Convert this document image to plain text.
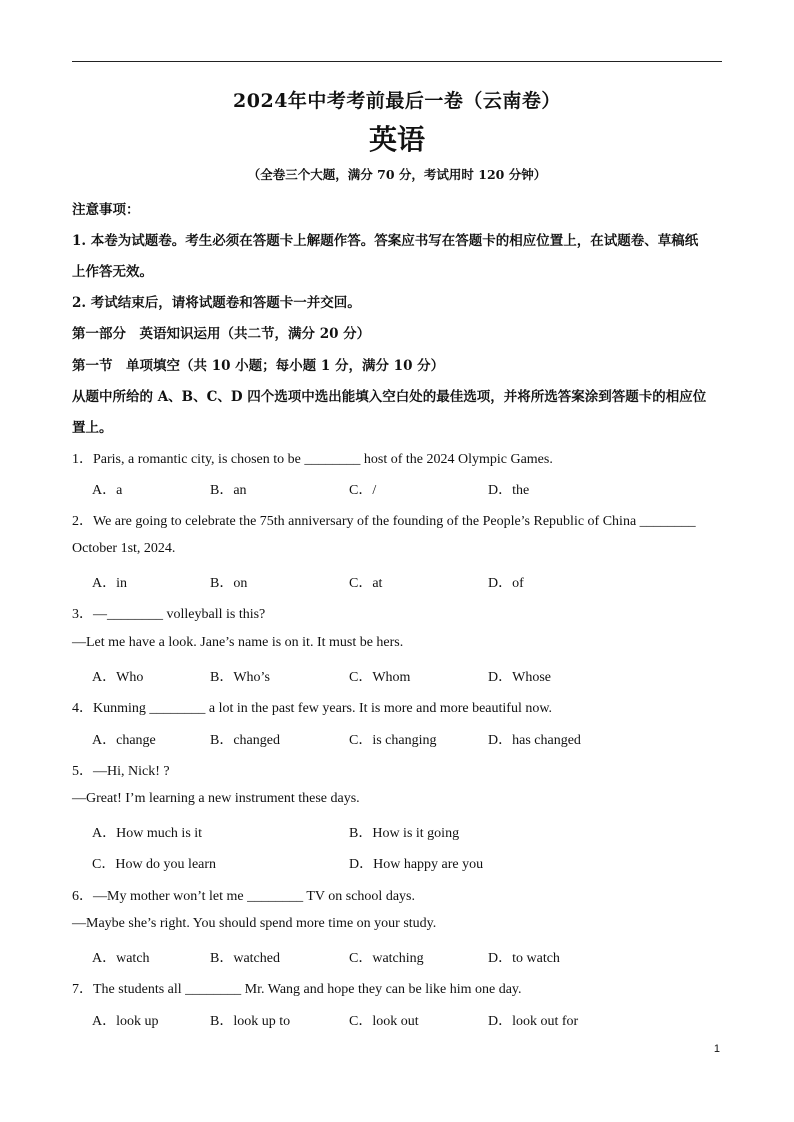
2024年中考考前最后一卷（云南卷）
英语
（全卷三个大题，满分 70 分，考试用时 120 分钟）
注意事项：
1. 本卷为试题卷。考生必须在答题卡上解题作答。答案应书写在答题卡的相应位置上，在试题卷、草稿纸
上作答无效。
2. 考试结束后，请将试题卷和答题卡一并交回。
第一部分　英语知识运用（共二节，满分 20 分）
第一节　单项填空（共 10 小题；每小题 1 分，满分 10 分）
从题中所给的 A、B、C、D 四个选项中选出能填入空白处的最佳选项，并将所选答案涂到答题卡的相应位
置上。
1．Paris, a romantic city, is chosen to be ________ host of the 2024 Olympic Games.
A．a	B．an	C．/	D．the
2．We are going to celebrate the 75th anniversary of the founding of the People’s Republic of China ________
October 1st, 2024.
A．in	B．on	C．at	D．of
3．—________ volleyball is this?
—Let me have a look. Jane’s name is on it. It must be hers.
A．Who	B．Who’s	C．Whom	D．Whose
4．Kunming ________ a lot in the past few years. It is more and more beautiful now.
A．change	B．changed	C．is changing	D．has changed
5．—Hi, Nick! ?
—Great! I’m learning a new instrument these days.
A．How much is it	B．How is it going
C．How do you learn	D．How happy are you
6．—My mother won’t let me ________ TV on school days.
—Maybe she’s right. You should spend more time on your study.
A．watch	B．watched	C．watching	D．to watch
7．The students all ________ Mr. Wang and hope they can be like him one day.
A．look up	B．look up to	C．look out	D．look out for
1
